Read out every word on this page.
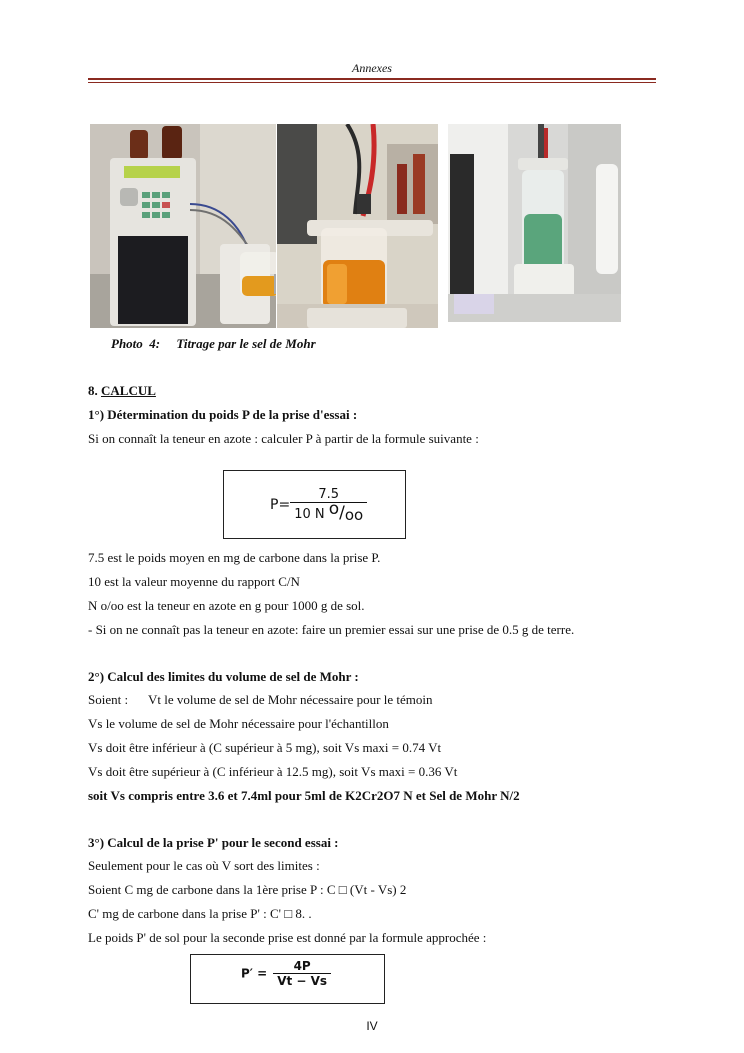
Annexes
Photo  4: Titrage par le sel de Mohr
8. CALCUL
1°) Détermination du poids P de la prise d'essai :
Si on connaît la teneur en azote : calculer P à partir de la formule suivante :
$P= \frac{7.5}{\text{10 N o/oo}}$
7.5 est le poids moyen en mg de carbone dans la prise P.
10 est la valeur moyenne du rapport C/N
N o/oo est la teneur en azote en g pour 1000 g de sol.
- Si on ne connaît pas la teneur en azote: faire un premier essai sur une prise de 0.5 g de terre.
2°) Calcul des limites du volume de sel de Mohr :
Soient : Vt le volume de sel de Mohr nécessaire pour le témoin
Vs le volume de sel de Mohr nécessaire pour l'échantillon
Vs doit être inférieur à (C supérieur à 5 mg), soit Vs maxi = 0.74 Vt
Vs doit être supérieur à (C inférieur à 12.5 mg), soit Vs maxi = 0.36 Vt
soit Vs compris entre 3.6 et 7.4ml pour 5ml de K2Cr2O7 N et Sel de Mohr N/2
3°) Calcul de la prise P' pour le second essai :
Seulement pour le cas où V sort des limites :
Soient C mg de carbone dans la 1ère prise P : C □ (Vt - Vs) 2
C' mg de carbone dans la prise P' : C' □ 8. .
Le poids P' de sol pour la seconde prise est donné par la formule approchée :
$P' = \frac{4P}{Vt - Vs}$
IV
